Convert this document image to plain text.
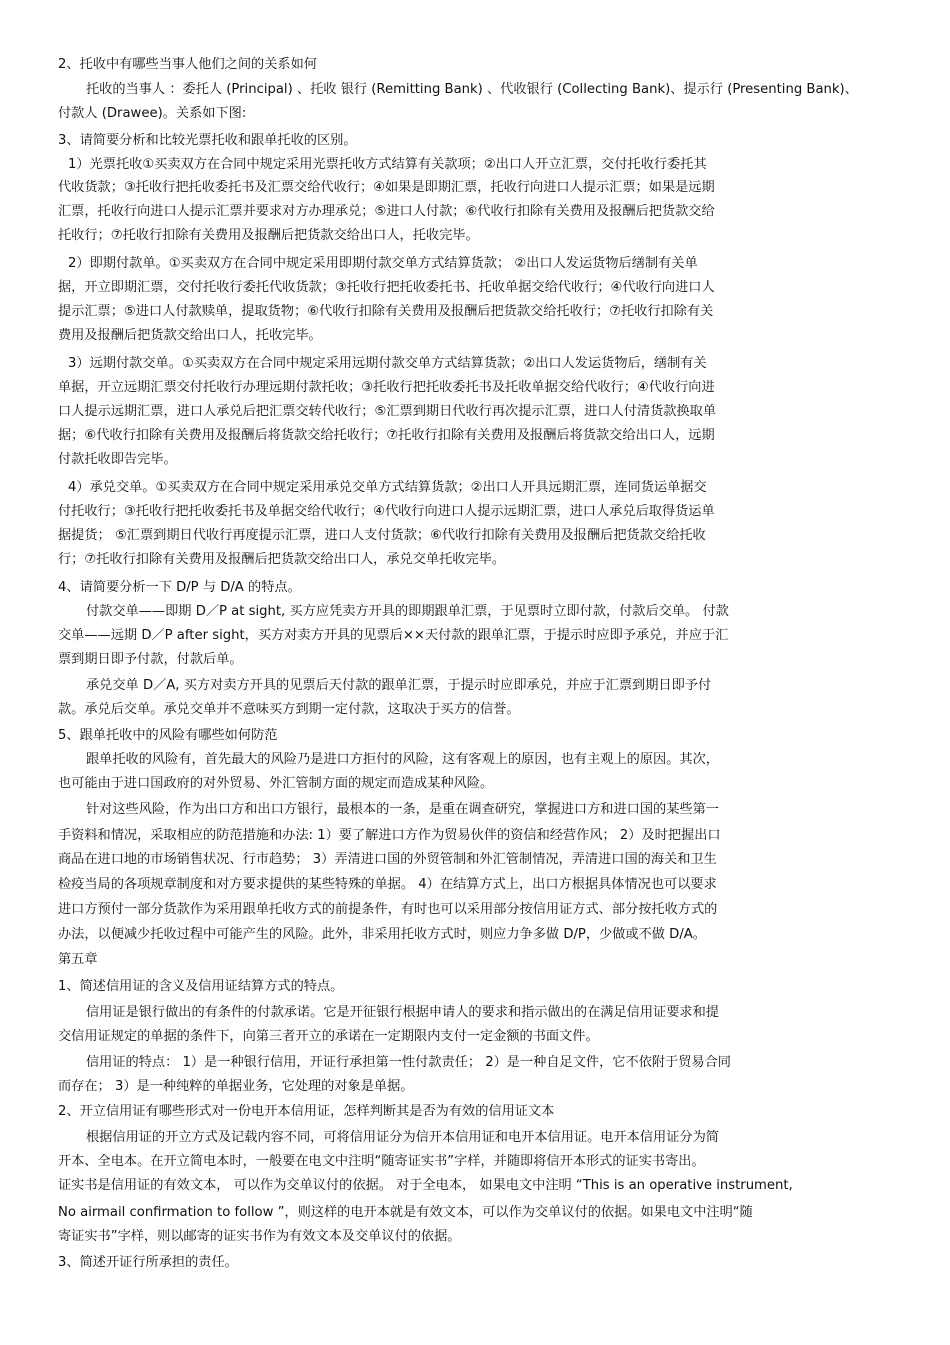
2、托收中有哪些当事人他们之间的关系如何
托收的当事人 ：委托人 (Principal) 、托收 银行 (Remitting Bank) 、代收银行 (Collecting Bank)、提示行 (Presenting Bank)、
付款人 (Drawee)。关系如下图:
3、请简要分析和比较光票托收和跟单托收的区别。
1）光票托收①买卖双方在合同中规定采用光票托收方式结算有关款项；②出口人开立汇票，交付托收行委托其
代收货款；③托收行把托收委托书及汇票交给代收行；④如果是即期汇票，托收行向进口人提示汇票；如果是远期
汇票，托收行向进口人提示汇票并要求对方办理承兑；⑤进口人付款；⑥代收行扣除有关费用及报酬后把货款交给
托收行；⑦托收行扣除有关费用及报酬后把货款交给出口人，托收完毕。
2）即期付款单。①买卖双方在合同中规定采用即期付款交单方式结算货款； ②出口人发运货物后缮制有关单
据，开立即期汇票，交付托收行委托代收货款；③托收行把托收委托书、托收单据交给代收行；④代收行向进口人
提示汇票；⑤进口人付款赎单，提取货物；⑥代收行扣除有关费用及报酬后把货款交给托收行；⑦托收行扣除有关
费用及报酬后把货款交给出口人，托收完毕。
3）远期付款交单。①买卖双方在合同中规定采用远期付款交单方式结算货款；②出口人发运货物后，缮制有关
单据，开立远期汇票交付托收行办理远期付款托收；③托收行把托收委托书及托收单据交给代收行；④代收行向进
口人提示远期汇票，进口人承兑后把汇票交转代收行；⑤汇票到期日代收行再次提示汇票，进口人付清货款换取单
据；⑥代收行扣除有关费用及报酬后将货款交给托收行；⑦托收行扣除有关费用及报酬后将货款交给出口人，远期
付款托收即告完毕。
4）承兑交单。①买卖双方在合同中规定采用承兑交单方式结算货款；②出口人开具远期汇票，连同货运单据交
付托收行；③托收行把托收委托书及单据交给代收行；④代收行向进口人提示远期汇票，进口人承兑后取得货运单
据提货； ⑤汇票到期日代收行再度提示汇票，进口人支付货款；⑥代收行扣除有关费用及报酬后把货款交给托收
行；⑦托收行扣除有关费用及报酬后把货款交给出口人，承兑交单托收完毕。
4、请简要分析一下 D/P 与 D/A 的特点。
付款交单——即期 D／P at sight, 买方应凭卖方开具的即期跟单汇票，于见票时立即付款，付款后交单。 付款
交单——远期 D／P after sight，买方对卖方开具的见票后××天付款的跟单汇票，于提示时应即予承兑，并应于汇
票到期日即予付款，付款后单。
承兑交单 D／A, 买方对卖方开具的见票后天付款的跟单汇票，于提示时应即承兑，并应于汇票到期日即予付
款。承兑后交单。承兑交单并不意味买方到期一定付款，这取决于买方的信誉。
5、跟单托收中的风险有哪些如何防范
跟单托收的风险有，首先最大的风险乃是进口方拒付的风险，这有客观上的原因，也有主观上的原因。其次，
也可能由于进口国政府的对外贸易、外汇管制方面的规定而造成某种风险。
针对这些风险，作为出口方和出口方银行，最根本的一条，是重在调查研究，掌握进口方和进口国的某些第一
手资料和情况，采取相应的防范措施和办法: 1）要了解进口方作为贸易伙伴的资信和经营作风； 2）及时把握出口
商品在进口地的市场销售状况、行市趋势； 3）弄清进口国的外贸管制和外汇管制情况，弄清进口国的海关和卫生
检疫当局的各项规章制度和对方要求提供的某些特殊的单据。 4）在结算方式上，出口方根据具体情况也可以要求
进口方预付一部分货款作为采用跟单托收方式的前提条件，有时也可以采用部分按信用证方式、部分按托收方式的
办法，以便减少托收过程中可能产生的风险。此外，非采用托收方式时，则应力争多做 D/P，少做或不做 D/A。
第五章
1、简述信用证的含义及信用证结算方式的特点。
信用证是银行做出的有条件的付款承诺。它是开征银行根据申请人的要求和指示做出的在满足信用证要求和提
交信用证规定的单据的条件下，向第三者开立的承诺在一定期限内支付一定金额的书面文件。
信用证的特点： 1）是一种银行信用，开证行承担第一性付款责任； 2）是一种自足文件，它不依附于贸易合同
而存在； 3）是一种纯粹的单据业务，它处理的对象是单据。
2、开立信用证有哪些形式对一份电开本信用证，怎样判断其是否为有效的信用证文本
根据信用证的开立方式及记载内容不同，可将信用证分为信开本信用证和电开本信用证。电开本信用证分为简
开本、全电本。在开立简电本时，一般要在电文中注明“随寄证实书”字样，并随即将信开本形式的证实书寄出。
证实书是信用证的有效文本， 可以作为交单议付的依据。 对于全电本， 如果电文中注明 “This is an operative instrument,
No airmail confirmation to follow ”，则这样的电开本就是有效文本，可以作为交单议付的依据。如果电文中注明“随
寄证实书”字样，则以邮寄的证实书作为有效文本及交单议付的依据。
3、简述开证行所承担的责任。
